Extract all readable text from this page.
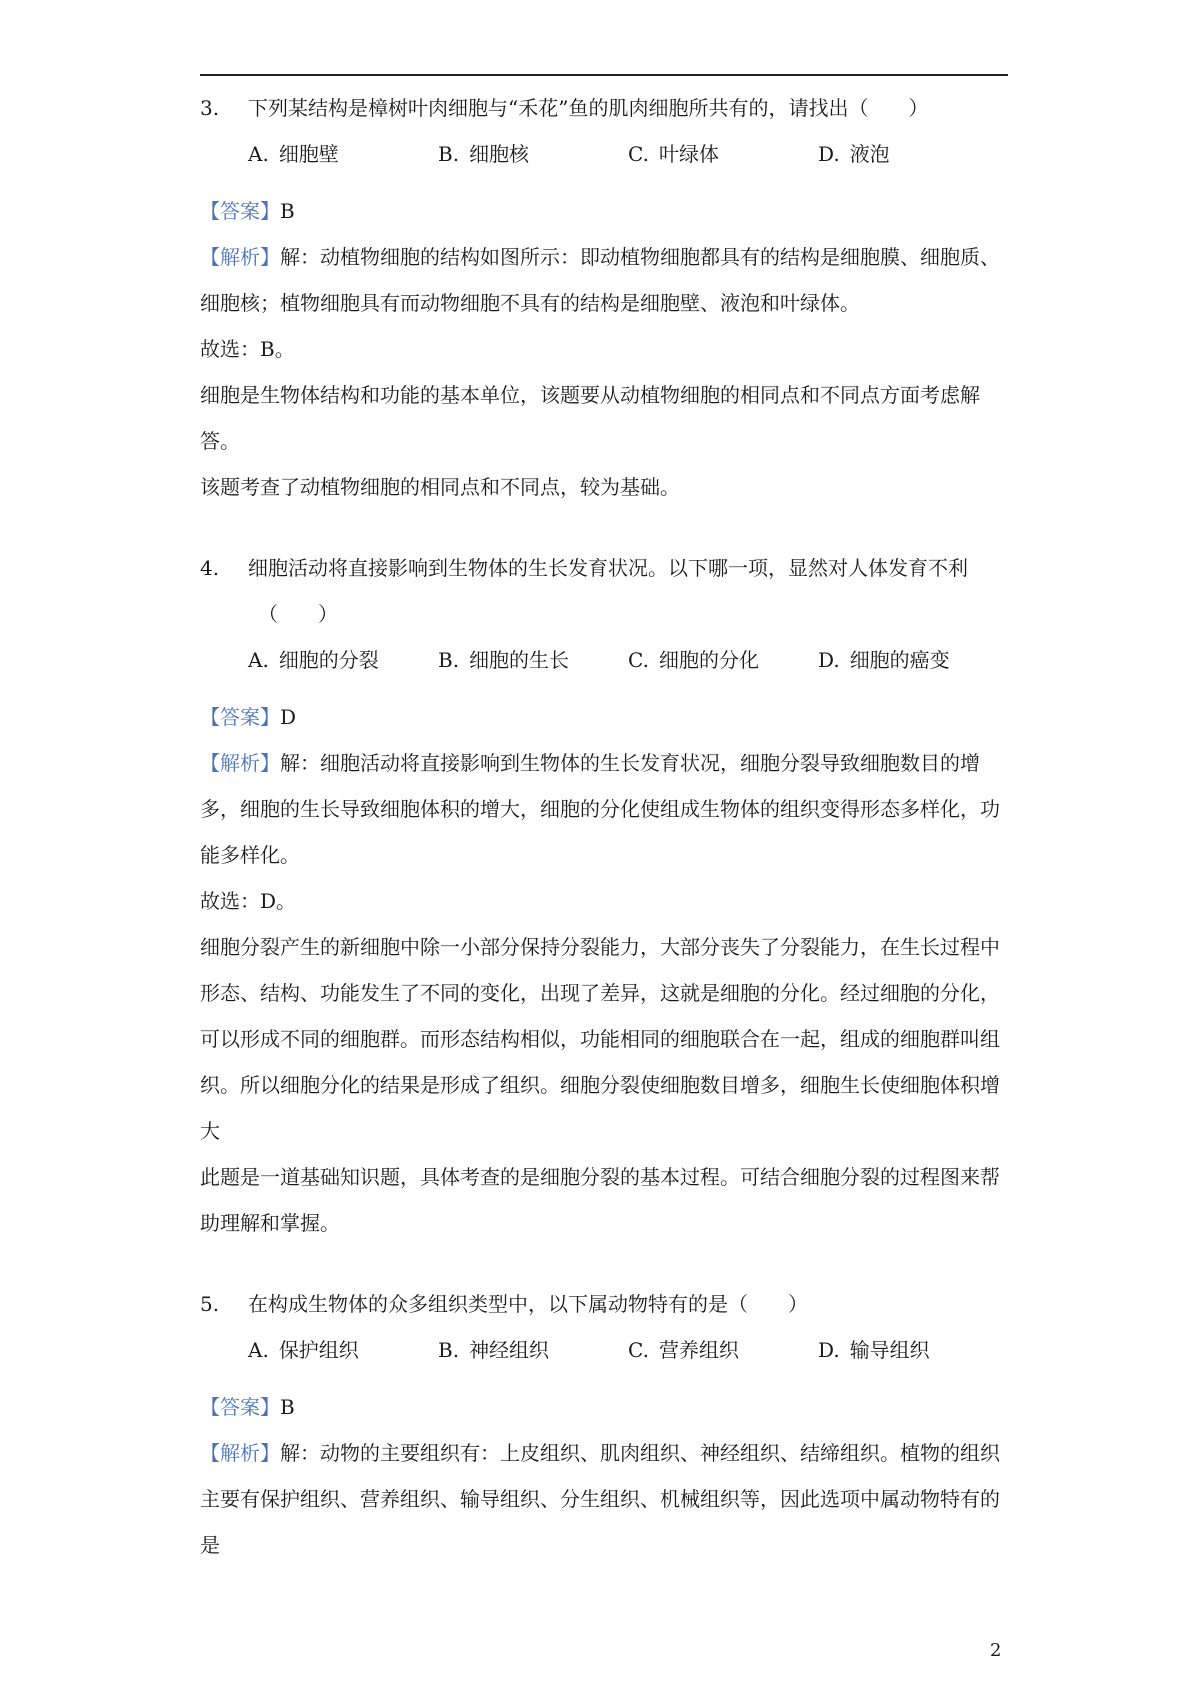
3.	下列某结构是樟树叶肉细胞与“禾花”鱼的肌肉细胞所共有的，请找出（　　）
A. 细胞壁	B. 细胞核	C. 叶绿体	D. 液泡
【答案】B
【解析】解：动植物细胞的结构如图所示：即动植物细胞都具有的结构是细胞膜、细胞质、细胞核；植物细胞具有而动物细胞不具有的结构是细胞壁、液泡和叶绿体。
故选：B。
细胞是生物体结构和功能的基本单位，该题要从动植物细胞的相同点和不同点方面考虑解答。
该题考查了动植物细胞的相同点和不同点，较为基础。
4.	细胞活动将直接影响到生物体的生长发育状况。以下哪一项，显然对人体发育不利
（　　）
A. 细胞的分裂	B. 细胞的生长	C. 细胞的分化	D. 细胞的癌变
【答案】D
【解析】解：细胞活动将直接影响到生物体的生长发育状况，细胞分裂导致细胞数目的增多，细胞的生长导致细胞体积的增大，细胞的分化使组成生物体的组织变得形态多样化，功能多样化。
故选：D。
细胞分裂产生的新细胞中除一小部分保持分裂能力，大部分丧失了分裂能力，在生长过程中形态、结构、功能发生了不同的变化，出现了差异，这就是细胞的分化。经过细胞的分化，可以形成不同的细胞群。而形态结构相似，功能相同的细胞联合在一起，组成的细胞群叫组织。所以细胞分化的结果是形成了组织。细胞分裂使细胞数目增多，细胞生长使细胞体积增大
此题是一道基础知识题，具体考查的是细胞分裂的基本过程。可结合细胞分裂的过程图来帮助理解和掌握。
5.	在构成生物体的众多组织类型中，以下属动物特有的是（　　）
A. 保护组织	B. 神经组织	C. 营养组织	D. 输导组织
【答案】B
【解析】解：动物的主要组织有：上皮组织、肌肉组织、神经组织、结缔组织。植物的组织主要有保护组织、营养组织、输导组织、分生组织、机械组织等，因此选项中属动物特有的是
2
